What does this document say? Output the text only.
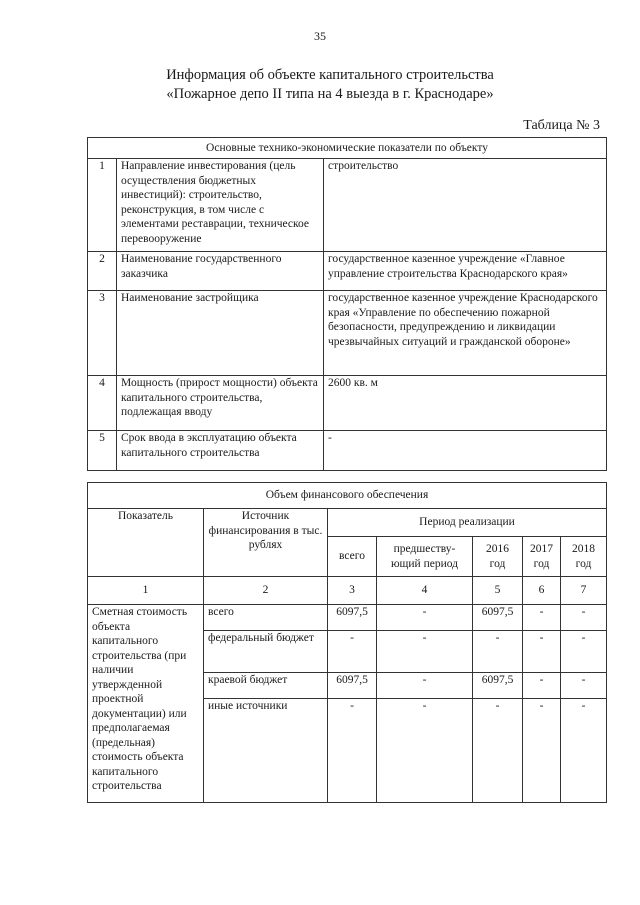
35
Информация об объекте капитального строительства
«Пожарное депо II типа на 4 выезда в г. Краснодаре»
Таблица № 3
Основные технико-экономические показатели по объекту		
1	Направление инвестирования (цель осуществления бюджетных инвестиций): строительство, реконструкция, в том числе с элементами реставрации, техническое перевооружение	строительство
2	Наименование государственного заказчика	государственное казенное учреждение «Главное управление строительства Краснодарского края»
3	Наименование застройщика	государственное казенное учреждение Краснодарского края «Управление по обеспечению пожарной безопасности, предупреждению и ликвидации чрезвычайных ситуаций и гражданской обороне»
4	Мощность (прирост мощности) объекта капитального строительства, подлежащая вводу	2600 кв. м
5	Срок ввода в эксплуатацию объекта капитального строительства	-
Объем финансового обеспечения						
Показатель	Источник финансирования в тыс. рублях	Период реализации				
		всего	предшеству-ющий период	2016 год	2017 год	2018 год
1	2	3	4	5	6	7
Сметная стоимость объекта капитального строительства (при наличии утвержденной проектной документации) или предполагаемая (предельная) стоимость объекта капитального строительства	всего	6097,5	-	6097,5	-	-
	федеральный бюджет	-	-	-	-	-
	краевой бюджет	6097,5	-	6097,5	-	-
	иные источники	-	-	-	-	-
